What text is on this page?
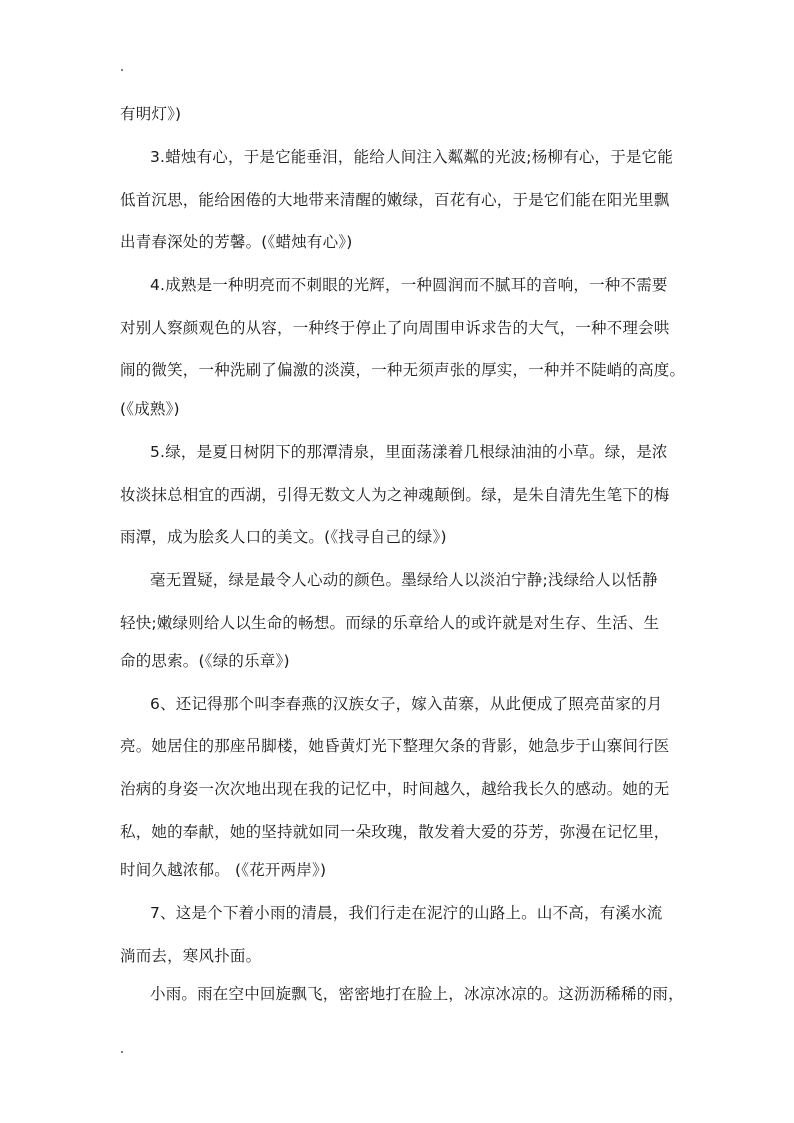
有明灯》)
3.蜡烛有心，于是它能垂泪，能给人间注入粼粼的光波;杨柳有心，于是它能
低首沉思，能给困倦的大地带来清醒的嫩绿，百花有心，于是它们能在阳光里飘
出青春深处的芳馨。(《蜡烛有心》)
4.成熟是一种明亮而不刺眼的光辉，一种圆润而不腻耳的音响，一种不需要
对别人察颜观色的从容，一种终于停止了向周围申诉求告的大气，一种不理会哄
闹的微笑，一种洗刷了偏激的淡漠，一种无须声张的厚实，一种并不陡峭的高度。
(《成熟》)
5.绿，是夏日树阴下的那潭清泉，里面荡漾着几根绿油油的小草。绿，是浓
妆淡抹总相宜的西湖，引得无数文人为之神魂颠倒。绿，是朱自清先生笔下的梅
雨潭，成为脍炙人口的美文。(《找寻自己的绿》)
毫无置疑，绿是最令人心动的颜色。墨绿给人以淡泊宁静;浅绿给人以恬静
轻快;嫩绿则给人以生命的畅想。而绿的乐章给人的或许就是对生存、生活、生
命的思索。(《绿的乐章》)
6、还记得那个叫李春燕的汉族女子，嫁入苗寨，从此便成了照亮苗家的月
亮。她居住的那座吊脚楼，她昏黄灯光下整理欠条的背影，她急步于山寨间行医
治病的身姿一次次地出现在我的记忆中，时间越久，越给我长久的感动。她的无
私，她的奉献，她的坚持就如同一朵玫瑰，散发着大爱的芬芳，弥漫在记忆里，
时间久越浓郁。 (《花开两岸》)
7、这是个下着小雨的清晨，我们行走在泥泞的山路上。山不高，有溪水流
淌而去，寒风扑面。
小雨。雨在空中回旋飘飞，密密地打在脸上，冰凉冰凉的。这沥沥稀稀的雨，
